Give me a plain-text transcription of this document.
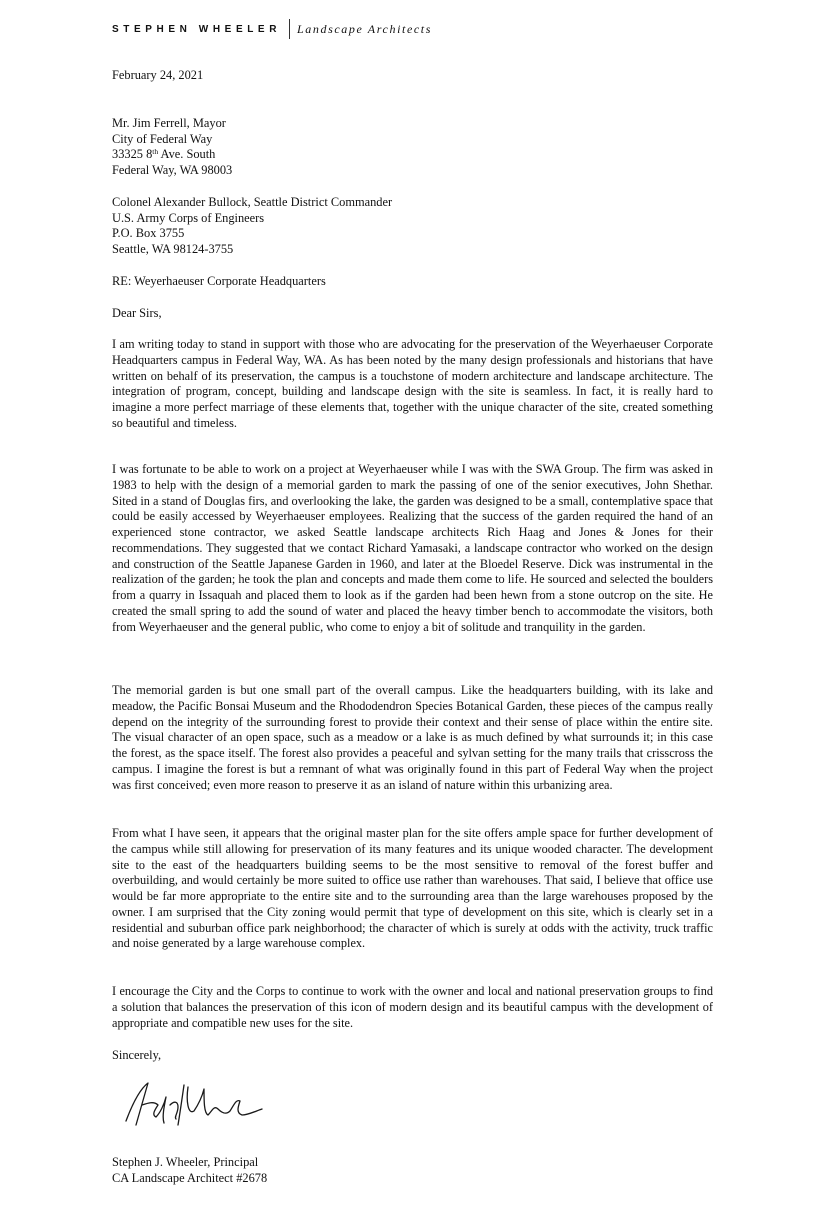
STEPHEN WHEELER	Landscape Architects
February 24, 2021
Mr. Jim Ferrell, Mayor
City of Federal Way
33325 8th Ave. South
Federal Way, WA 98003
Colonel Alexander Bullock, Seattle District Commander
U.S. Army Corps of Engineers
P.O. Box 3755
Seattle, WA 98124-3755
RE: Weyerhaeuser Corporate Headquarters
Dear Sirs,
I am writing today to stand in support with those who are advocating for the preservation of the Weyerhaeuser Corporate Headquarters campus in Federal Way, WA. As has been noted by the many design professionals and historians that have written on behalf of its preservation, the campus is a touchstone of modern architecture and landscape architecture. The integration of program, concept, building and landscape design with the site is seamless. In fact, it is really hard to imagine a more perfect marriage of these elements that, together with the unique character of the site, created something so beautiful and timeless.
I was fortunate to be able to work on a project at Weyerhaeuser while I was with the SWA Group. The firm was asked in 1983 to help with the design of a memorial garden to mark the passing of one of the senior executives, John Shethar. Sited in a stand of Douglas firs, and overlooking the lake, the garden was designed to be a small, contemplative space that could be easily accessed by Weyerhaeuser employees. Realizing that the success of the garden required the hand of an experienced stone contractor, we asked Seattle landscape architects Rich Haag and Jones & Jones for their recommendations. They suggested that we contact Richard Yamasaki, a landscape contractor who worked on the design and construction of the Seattle Japanese Garden in 1960, and later at the Bloedel Reserve. Dick was instrumental in the realization of the garden; he took the plan and concepts and made them come to life. He sourced and selected the boulders from a quarry in Issaquah and placed them to look as if the garden had been hewn from a stone outcrop on the site. He created the small spring to add the sound of water and placed the heavy timber bench to accommodate the visitors, both from Weyerhaeuser and the general public, who come to enjoy a bit of solitude and tranquility in the garden.
The memorial garden is but one small part of the overall campus. Like the headquarters building, with its lake and meadow, the Pacific Bonsai Museum and the Rhododendron Species Botanical Garden, these pieces of the campus really depend on the integrity of the surrounding forest to provide their context and their sense of place within the entire site. The visual character of an open space, such as a meadow or a lake is as much defined by what surrounds it; in this case the forest, as the space itself. The forest also provides a peaceful and sylvan setting for the many trails that crisscross the campus. I imagine the forest is but a remnant of what was originally found in this part of Federal Way when the project was first conceived; even more reason to preserve it as an island of nature within this urbanizing area.
From what I have seen, it appears that the original master plan for the site offers ample space for further development of the campus while still allowing for preservation of its many features and its unique wooded character. The development site to the east of the headquarters building seems to be the most sensitive to removal of the forest buffer and overbuilding, and would certainly be more suited to office use rather than warehouses. That said, I believe that office use would be far more appropriate to the entire site and to the surrounding area than the large warehouses proposed by the owner. I am surprised that the City zoning would permit that type of development on this site, which is clearly set in a residential and suburban office park neighborhood; the character of which is surely at odds with the activity, truck traffic and noise generated by a large warehouse complex.
I encourage the City and the Corps to continue to work with the owner and local and national preservation groups to find a solution that balances the preservation of this icon of modern design and its beautiful campus with the development of appropriate and compatible new uses for the site.
Sincerely,
Stephen J. Wheeler, Principal
CA Landscape Architect #2678
